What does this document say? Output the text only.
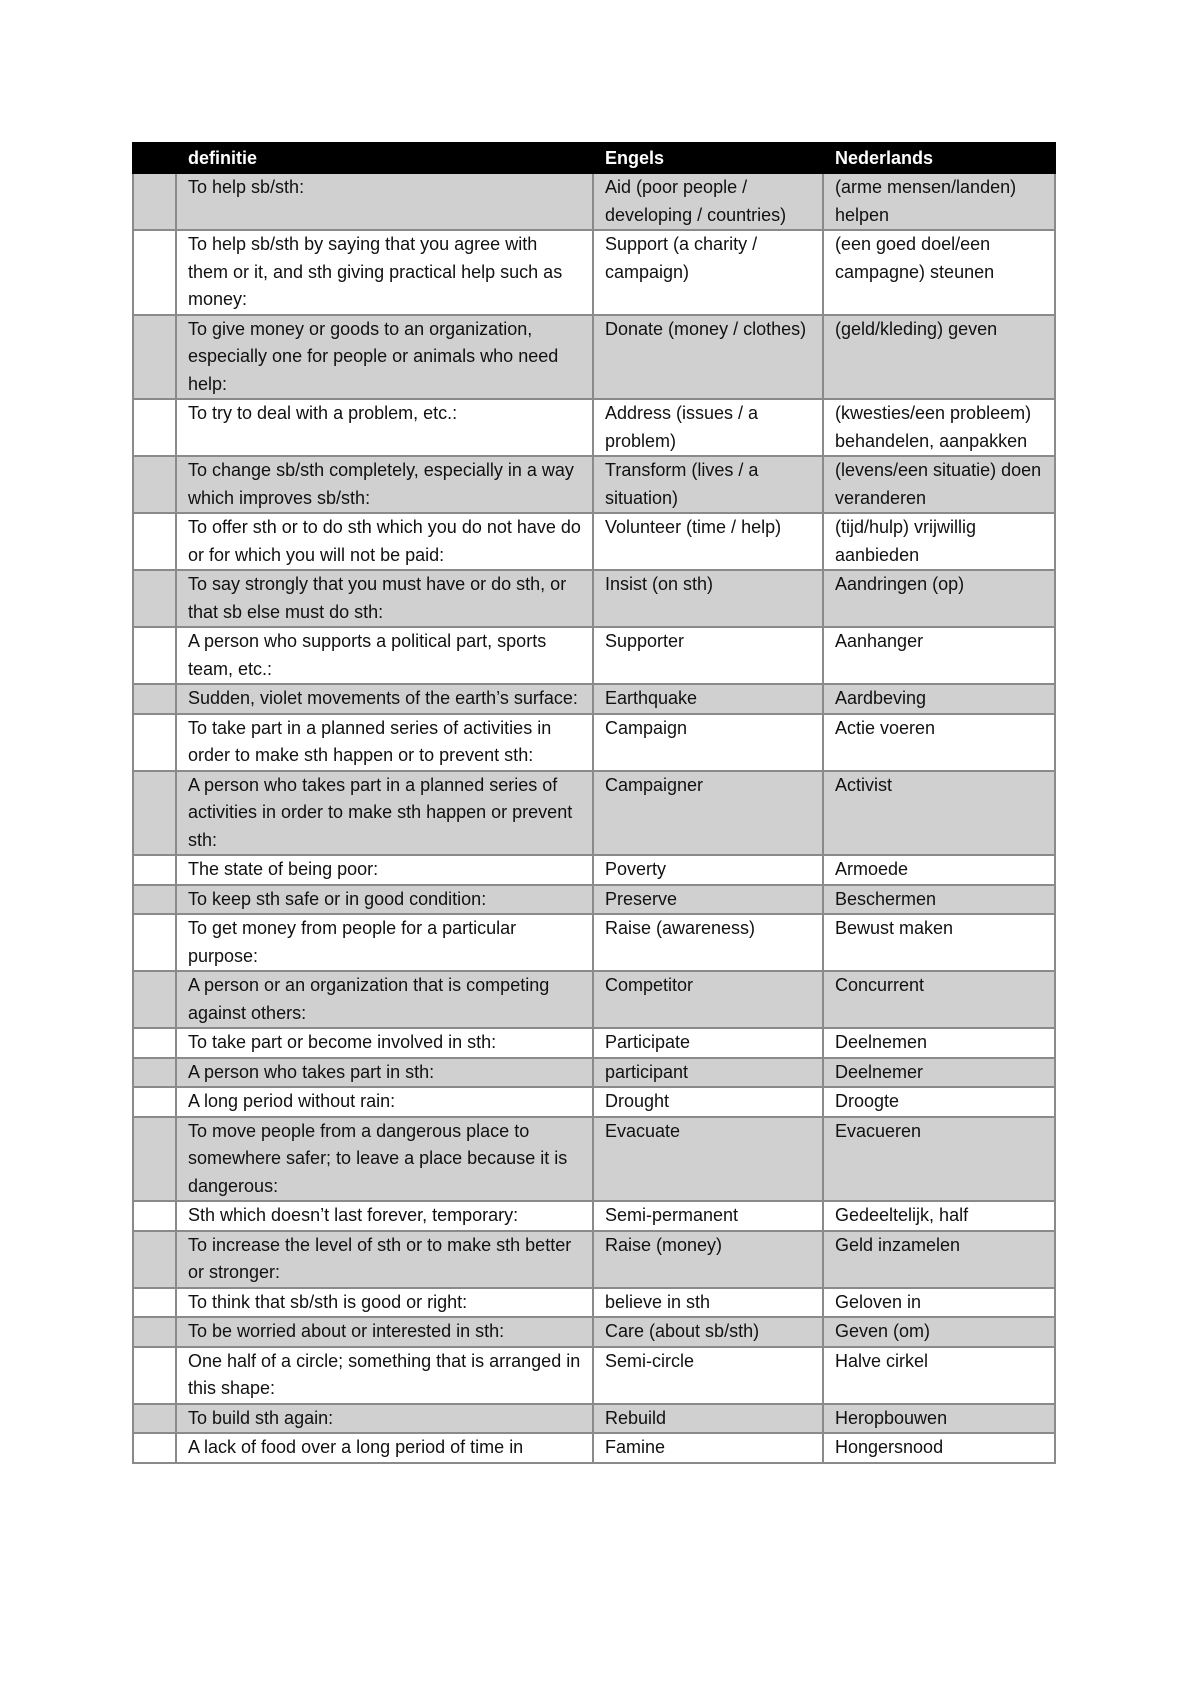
	definitie	Engels	Nederlands
	To help sb/sth:	Aid (poor people / developing / countries)	(arme mensen/landen) helpen
	To help sb/sth by saying that you agree with them or it, and sth giving practical help such as money:	Support (a charity / campaign)	(een goed doel/een campagne) steunen
	To give money or goods to an organization, especially one for people or animals who need help:	Donate (money / clothes)	(geld/kleding) geven
	To try to deal with a problem, etc.:	Address (issues / a problem)	(kwesties/een probleem) behandelen, aanpakken
	To change sb/sth completely, especially in a way which improves sb/sth:	Transform (lives / a situation)	(levens/een situatie) doen veranderen
	To offer sth or to do sth which you do not have do or for which you will not be paid:	Volunteer (time / help)	(tijd/hulp) vrijwillig aanbieden
	To say strongly that you must have or do sth, or that sb else must do sth:	Insist (on sth)	Aandringen (op)
	A person who supports a political part, sports team, etc.:	Supporter	Aanhanger
	Sudden, violet movements of the earth’s surface:	Earthquake	Aardbeving
	To take part in a planned series of activities in order to make sth happen or to prevent sth:	Campaign	Actie voeren
	A person who takes part in a planned series of activities in order to make sth happen or prevent sth:	Campaigner	Activist
	The state of being poor:	Poverty	Armoede
	To keep sth safe or in good condition:	Preserve	Beschermen
	To get money from people for a particular purpose:	Raise (awareness)	Bewust maken
	A person or an organization that is competing against others:	Competitor	Concurrent
	To take part or become involved in sth:	Participate	Deelnemen
	A person who takes part in sth:	participant	Deelnemer
	A long period without rain:	Drought	Droogte
	To move people from a dangerous place to somewhere safer; to leave a place because it is dangerous:	Evacuate	Evacueren
	Sth which doesn’t last forever, temporary:	Semi-permanent	Gedeeltelijk, half
	To increase the level of sth or to make sth better or stronger:	Raise (money)	Geld inzamelen
	To think that sb/sth is good or right:	believe in sth	Geloven in
	To be worried about or interested in sth:	Care (about sb/sth)	Geven (om)
	One half of a circle; something that is arranged in this shape:	Semi-circle	Halve cirkel
	To build sth again:	Rebuild	Heropbouwen
	A lack of food over a long period of time in	Famine	Hongersnood
